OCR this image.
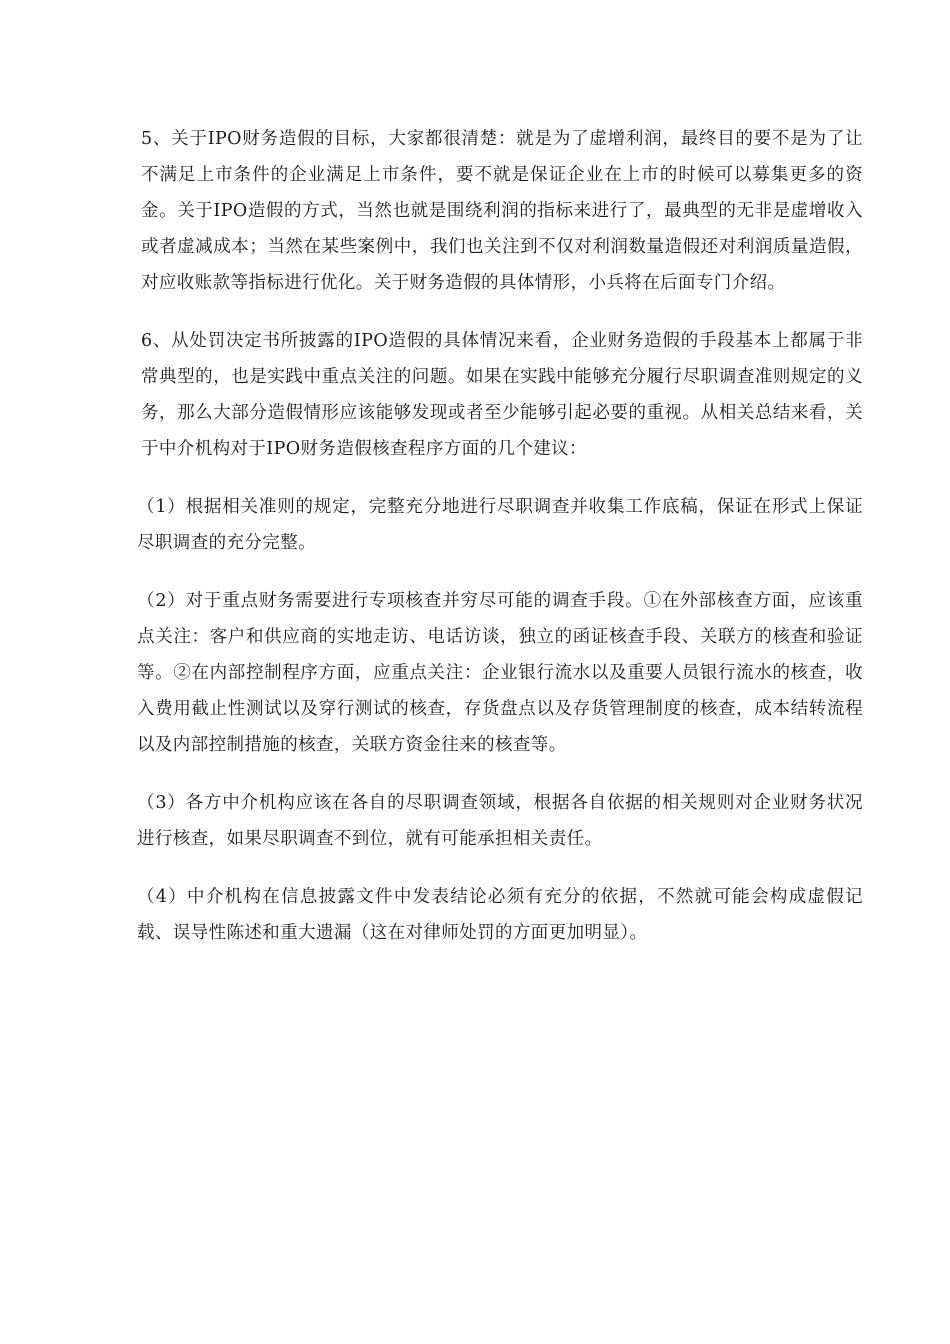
5、关于IPO财务造假的目标，大家都很清楚：就是为了虚增利润，最终目的要不是为了让不满足上市条件的企业满足上市条件，要不就是保证企业在上市的时候可以募集更多的资金。关于IPO造假的方式，当然也就是围绕利润的指标来进行了，最典型的无非是虚增收入或者虚减成本；当然在某些案例中，我们也关注到不仅对利润数量造假还对利润质量造假，对应收账款等指标进行优化。关于财务造假的具体情形，小兵将在后面专门介绍。

6、从处罚决定书所披露的IPO造假的具体情况来看，企业财务造假的手段基本上都属于非常典型的，也是实践中重点关注的问题。如果在实践中能够充分履行尽职调查准则规定的义务，那么大部分造假情形应该能够发现或者至少能够引起必要的重视。从相关总结来看，关于中介机构对于IPO财务造假核查程序方面的几个建议：

（1）根据相关准则的规定，完整充分地进行尽职调查并收集工作底稿，保证在形式上保证尽职调查的充分完整。

（2）对于重点财务需要进行专项核查并穷尽可能的调查手段。①在外部核查方面，应该重点关注：客户和供应商的实地走访、电话访谈，独立的函证核查手段、关联方的核查和验证等。②在内部控制程序方面，应重点关注：企业银行流水以及重要人员银行流水的核查，收入费用截止性测试以及穿行测试的核查，存货盘点以及存货管理制度的核查，成本结转流程以及内部控制措施的核查，关联方资金往来的核查等。

（3）各方中介机构应该在各自的尽职调查领域，根据各自依据的相关规则对企业财务状况进行核查，如果尽职调查不到位，就有可能承担相关责任。

（4）中介机构在信息披露文件中发表结论必须有充分的依据，不然就可能会构成虚假记载、误导性陈述和重大遗漏（这在对律师处罚的方面更加明显）。
